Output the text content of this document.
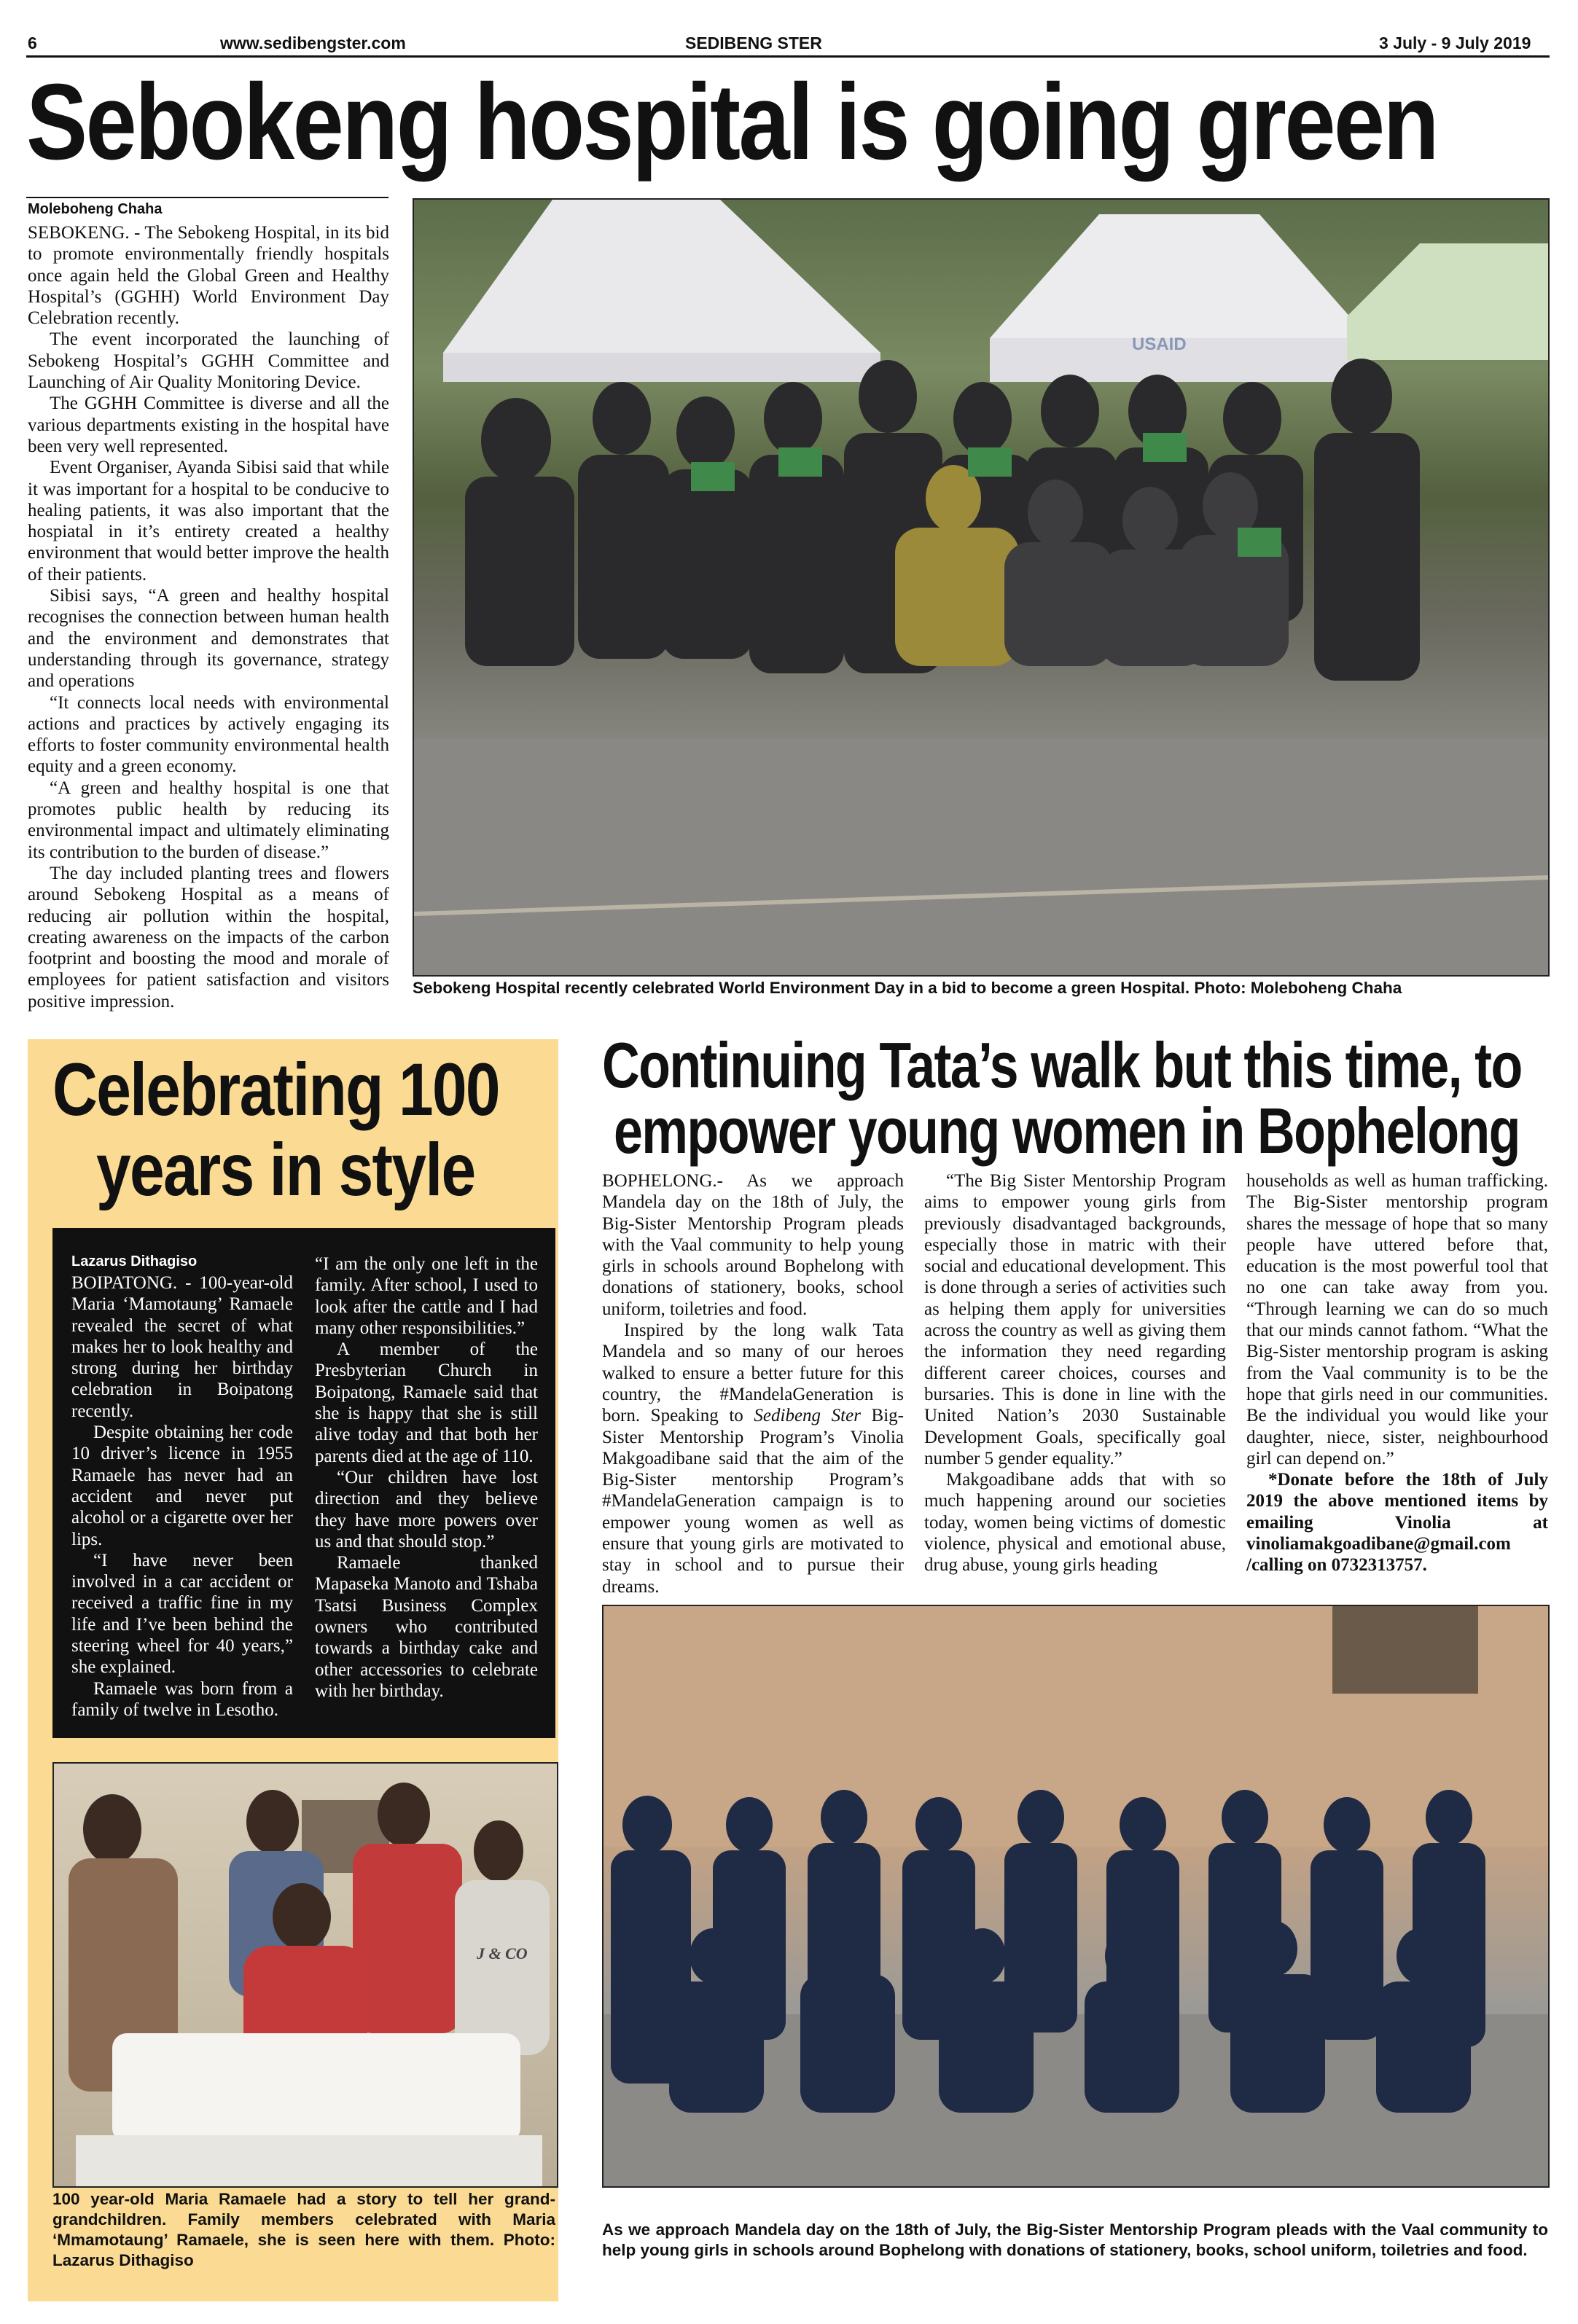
6	www.sedibengster.com	SEDIBENG STER	3 July - 9 July 2019
Sebokeng hospital is going green
Moleboheng Chaha

SEBOKENG. - The Sebokeng Hospital, in its bid to promote environmentally friendly hospitals once again held the Global Green and Healthy Hospital’s (GGHH) World Environment Day Celebration recently.

The event incorporated the launching of Sebokeng Hospital’s GGHH Committee and Launching of Air Quality Monitoring Device.

The GGHH Committee is diverse and all the various departments existing in the hospital have been very well represented.

Event Organiser, Ayanda Sibisi said that while it was important for a hospital to be conducive to healing patients, it was also important that the hospiatal in it’s entirety created a healthy environment that would better improve the health of their patients.

Sibisi says, “A green and healthy hospital recognises the connection between human health and the environment and demonstrates that understanding through its governance, strategy and operations

“It connects local needs with environmental actions and practices by actively engaging its efforts to foster community environmental health equity and a green economy.

“A green and healthy hospital is one that promotes public health by reducing its environmental impact and ultimately eliminating its contribution to the burden of disease.”

The day included planting trees and flowers around Sebokeng Hospital as a means of reducing air pollution within the hospital, creating awareness on the impacts of the carbon footprint and boosting the mood and morale of employees for patient satisfaction and visitors positive impression.

USAID
Sebokeng Hospital recently celebrated World Environment Day in a bid to become a green Hospital. Photo: Moleboheng Chaha
Celebrating 100
years in style
Lazarus Dithagiso

BOIPATONG. - 100-year-old Maria ‘Mamotaung’ Ramaele revealed the secret of what makes her to look healthy and strong during her birthday celebration in Boipatong recently.

Despite obtaining her code 10 driver’s licence in 1955 Ramaele has never had an accident and never put alcohol or a cigarette over her lips.

“I have never been involved in a car accident or received a traffic fine in my life and I’ve been behind the steering wheel for 40 years,” she explained.

Ramaele was born from a family of twelve in Lesotho.

“I am the only one left in the family. After school, I used to look after the cattle and I had many other responsibilities.”

A member of the Presbyterian Church in Boipatong, Ramaele said that she is happy that she is still alive today and that both her parents died at the age of 110.

“Our children have lost direction and they believe they have more powers over us and that should stop.”

Ramaele thanked Mapaseka Manoto and Tshaba Tsatsi Business Complex owners who contributed towards a birthday cake and other accessories to celebrate with her birthday.

J & CO
100 year-old Maria Ramaele had a story to tell her grand-grandchildren. Family members celebrated with Maria ‘Mmamotaung’ Ramaele, she is seen here with them. Photo: Lazarus Dithagiso
Continuing Tata’s walk but this time, to
empower young women in Bophelong

BOPHELONG.- As we approach Mandela day on the 18th of July, the Big-Sister Mentorship Program pleads with the Vaal community to help young girls in schools around Bophelong with donations of stationery, books, school uniform, toiletries and food.

Inspired by the long walk Tata Mandela and so many of our heroes walked to ensure a better future for this country, the #MandelaGeneration is born. Speaking to Sedibeng Ster Big-Sister Mentorship Program’s Vinolia Makgoadibane said that the aim of the Big-Sister mentorship Program’s #MandelaGeneration campaign is to empower young women as well as ensure that young girls are motivated to stay in school and to pursue their dreams.

“The Big Sister Mentorship Program aims to empower young girls from previously disadvantaged backgrounds, especially those in matric with their social and educational development. This is done through a series of activities such as helping them apply for universities across the country as well as giving them the information they need regarding different career choices, courses and bursaries. This is done in line with the United Nation’s 2030 Sustainable Development Goals, specifically goal number 5 gender equality.”

Makgoadibane adds that with so much happening around our societies today, women being victims of domestic violence, physical and emotional abuse, drug abuse, young girls heading

households as well as human trafficking. The Big-Sister mentorship program shares the message of hope that so many people have uttered before that, education is the most powerful tool that no one can take away from you. “Through learning we can do so much that our minds cannot fathom. “What the Big-Sister mentorship program is asking from the Vaal community is to be the hope that girls need in our communities. Be the individual you would like your daughter, niece, sister, neighbourhood girl can depend on.”

*Donate before the 18th of July 2019 the above mentioned items by emailing Vinolia at vinoliamakgoadibane@gmail.com /calling on 0732313757.

As we approach Mandela day on the 18th of July, the Big-Sister Mentorship Program pleads with the Vaal community to help young girls in schools around Bophelong with donations of stationery, books, school uniform, toiletries and food.
